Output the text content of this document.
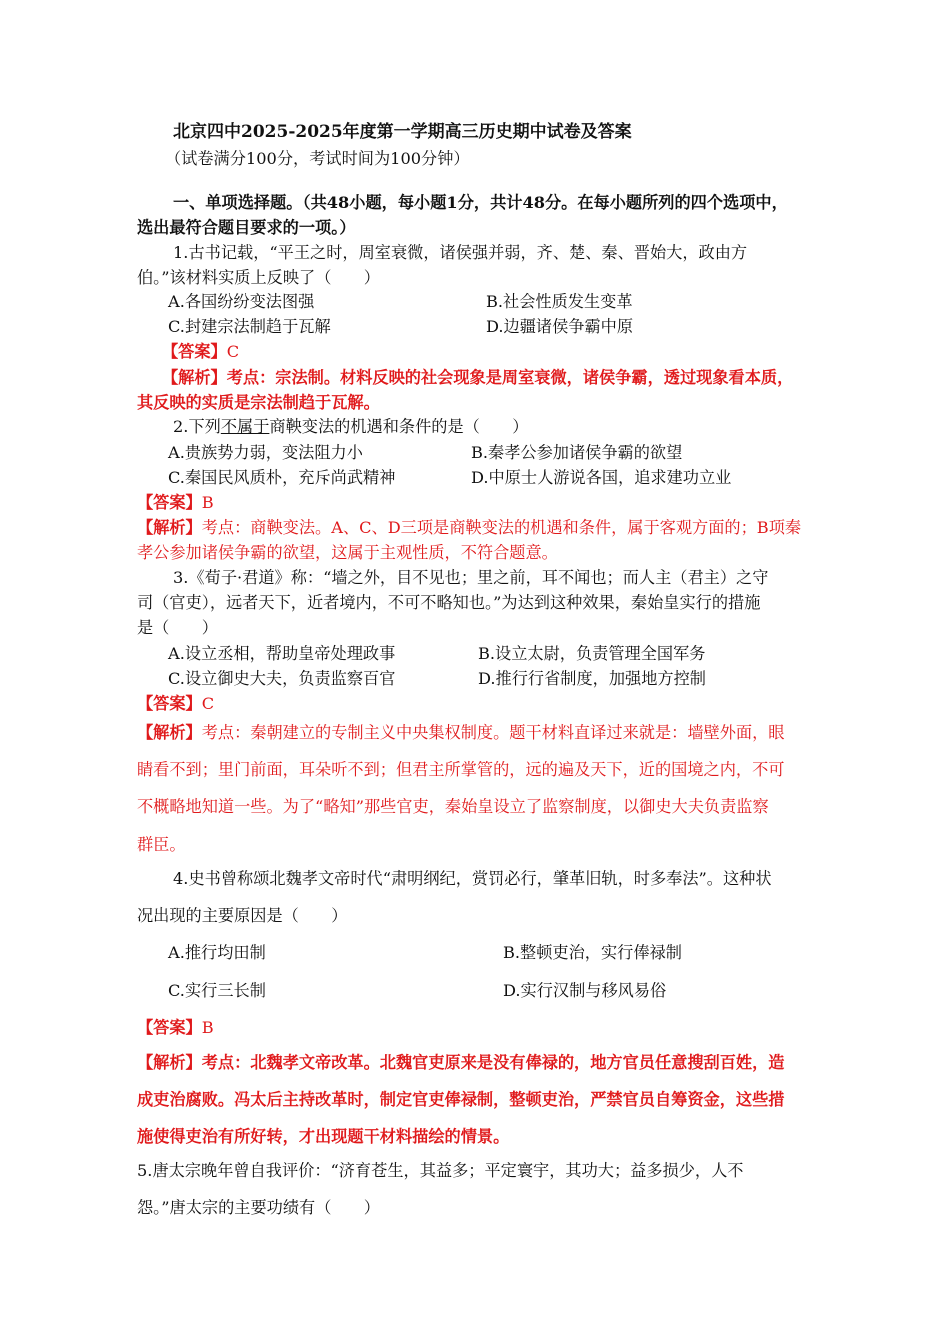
北京四中2025-2025年度第一学期高三历史期中试卷及答案
（试卷满分100分，考试时间为100分钟）
一、单项选择题。（共48小题，每小题1分，共计48分。在每小题所列的四个选项中，
选出最符合题目要求的一项。）
1.古书记载，“平王之时，周室衰微，诸侯强并弱，齐、楚、秦、晋始大，政由方
伯。”该材料实质上反映了（　　）
A.各国纷纷变法图强	B.社会性质发生变革
C.封建宗法制趋于瓦解	D.边疆诸侯争霸中原
【答案】C
【解析】考点：宗法制。材料反映的社会现象是周室衰微，诸侯争霸，透过现象看本质，
其反映的实质是宗法制趋于瓦解。
2.下列不属于商鞅变法的机遇和条件的是（　　）
A.贵族势力弱，变法阻力小	B.秦孝公参加诸侯争霸的欲望
C.秦国民风质朴，充斥尚武精神	D.中原士人游说各国，追求建功立业
【答案】B
【解析】考点：商鞅变法。A、C、D三项是商鞅变法的机遇和条件，属于客观方面的；B项秦
孝公参加诸侯争霸的欲望，这属于主观性质，不符合题意。
3.《荀子·君道》称：“墙之外，目不见也；里之前，耳不闻也；而人主（君主）之守
司（官吏），远者天下，近者境内，不可不略知也。”为达到这种效果，秦始皇实行的措施
是（　　）
A.设立丞相，帮助皇帝处理政事	B.设立太尉，负责管理全国军务
C.设立御史大夫，负责监察百官	D.推行行省制度，加强地方控制
【答案】C
【解析】考点：秦朝建立的专制主义中央集权制度。题干材料直译过来就是：墙壁外面，眼
睛看不到；里门前面，耳朵听不到；但君主所掌管的，远的遍及天下，近的国境之内，不可
不概略地知道一些。为了“略知”那些官吏，秦始皇设立了监察制度，以御史大夫负责监察
群臣。
4.史书曾称颂北魏孝文帝时代“肃明纲纪，赏罚必行，肇革旧轨，时多奉法”。这种状
况出现的主要原因是（　　）
A.推行均田制	B.整顿吏治，实行俸禄制
C.实行三长制	D.实行汉制与移风易俗
【答案】B
【解析】考点：北魏孝文帝改革。北魏官吏原来是没有俸禄的，地方官员任意搜刮百姓，造
成吏治腐败。冯太后主持改革时，制定官吏俸禄制，整顿吏治，严禁官员自筹资金，这些措
施使得吏治有所好转，才出现题干材料描绘的情景。
5.唐太宗晚年曾自我评价：“济育苍生，其益多；平定寰宇，其功大；益多损少，人不
怨。”唐太宗的主要功绩有（　　）
